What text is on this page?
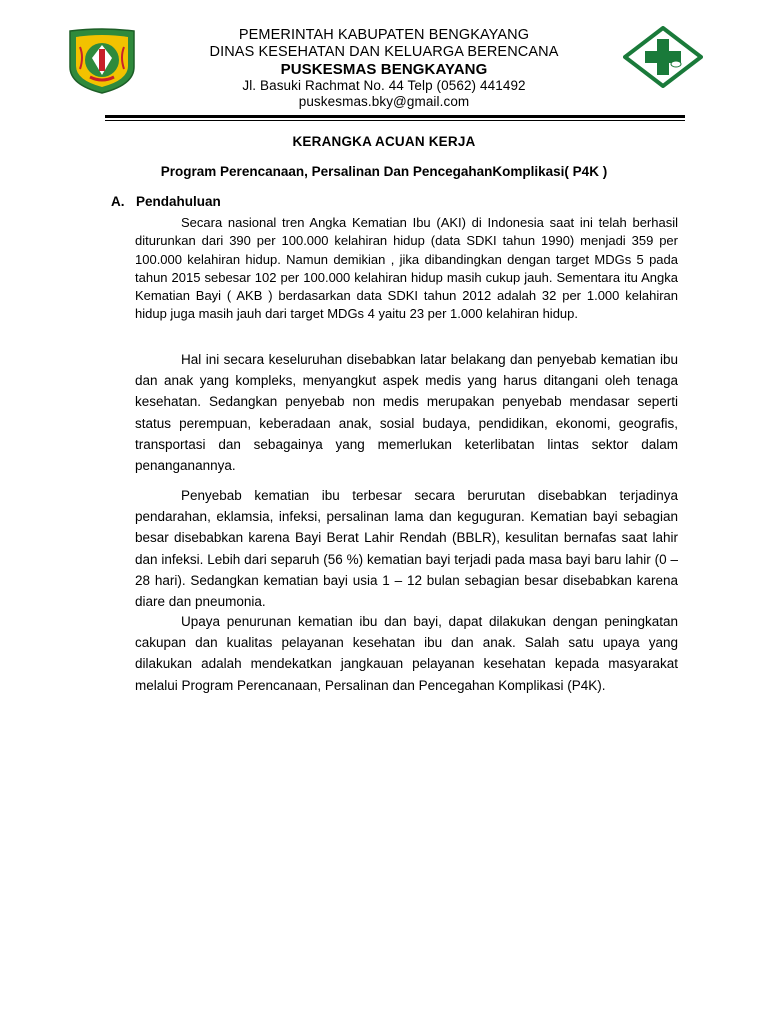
PEMERINTAH KABUPATEN BENGKAYANG
DINAS KESEHATAN DAN KELUARGA BERENCANA
PUSKESMAS BENGKAYANG
Jl. Basuki Rachmat No. 44 Telp (0562) 441492
puskesmas.bky@gmail.com
KERANGKA ACUAN KERJA
Program Perencanaan, Persalinan Dan PencegahanKomplikasi( P4K )
A. Pendahuluan

Secara nasional tren Angka Kematian Ibu (AKI) di Indonesia saat ini telah berhasil diturunkan dari 390 per 100.000 kelahiran hidup (data SDKI tahun 1990) menjadi 359 per 100.000 kelahiran hidup. Namun demikian , jika dibandingkan dengan target MDGs 5 pada tahun 2015 sebesar 102 per 100.000 kelahiran hidup masih cukup jauh. Sementara itu Angka Kematian Bayi ( AKB ) berdasarkan data SDKI tahun 2012 adalah 32 per 1.000 kelahiran hidup juga masih jauh dari target MDGs 4 yaitu 23 per 1.000 kelahiran hidup.

Hal ini secara keseluruhan disebabkan latar belakang dan penyebab kematian ibu dan anak yang kompleks, menyangkut aspek medis yang harus ditangani oleh tenaga kesehatan. Sedangkan penyebab non medis merupakan penyebab mendasar seperti status perempuan, keberadaan anak, sosial budaya, pendidikan, ekonomi, geografis, transportasi dan sebagainya yang memerlukan keterlibatan lintas sektor dalam penanganannya.

Penyebab kematian ibu terbesar secara berurutan disebabkan terjadinya pendarahan, eklamsia, infeksi, persalinan lama dan keguguran. Kematian bayi sebagian besar disebabkan karena Bayi Berat Lahir Rendah (BBLR), kesulitan bernafas saat lahir dan infeksi. Lebih dari separuh (56 %) kematian bayi terjadi pada masa bayi baru lahir (0 – 28 hari). Sedangkan kematian bayi usia 1 – 12 bulan sebagian besar disebabkan karena diare dan pneumonia.

Upaya penurunan kematian ibu dan bayi, dapat dilakukan dengan peningkatan cakupan dan kualitas pelayanan kesehatan ibu dan anak. Salah satu upaya yang dilakukan adalah mendekatkan jangkauan pelayanan kesehatan kepada masyarakat melalui Program Perencanaan, Persalinan dan Pencegahan Komplikasi (P4K).
